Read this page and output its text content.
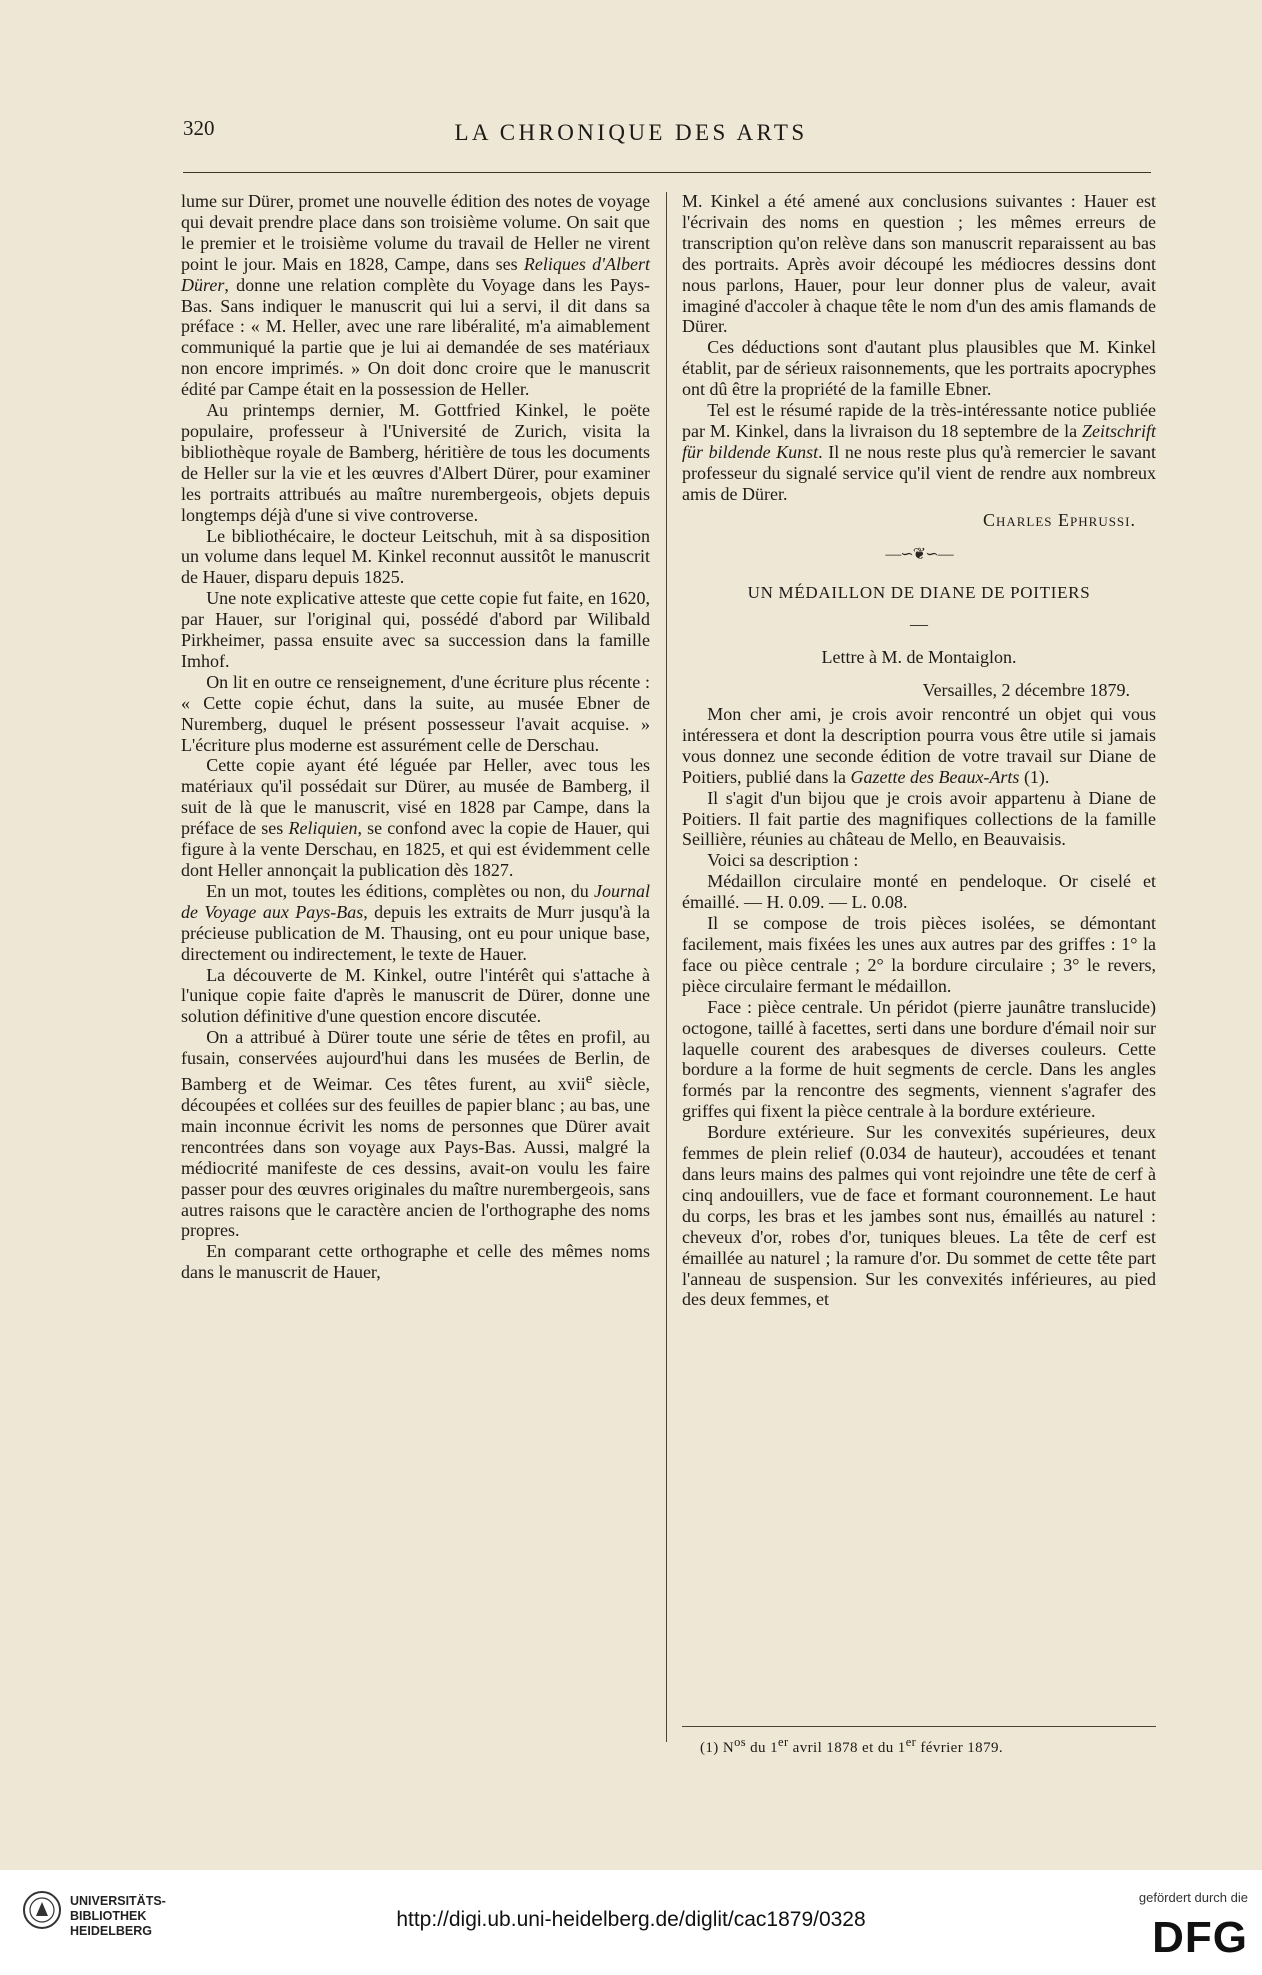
320	LA CHRONIQUE DES ARTS

lume sur Dürer, promet une nouvelle édition des notes de voyage qui devait prendre place dans son troisième volume. On sait que le premier et le troisième volume du travail de Heller ne virent point le jour. Mais en 1828, Campe, dans ses Reliques d'Albert Dürer, donne une relation complète du Voyage dans les Pays-Bas. Sans indiquer le manuscrit qui lui a servi, il dit dans sa préface : « M. Heller, avec une rare libéralité, m'a aimablement communiqué la partie que je lui ai demandée de ses matériaux non encore imprimés. » On doit donc croire que le manuscrit édité par Campe était en la possession de Heller.

Au printemps dernier, M. Gottfried Kinkel, le poëte populaire, professeur à l'Université de Zurich, visita la bibliothèque royale de Bamberg, héritière de tous les documents de Heller sur la vie et les œuvres d'Albert Dürer, pour examiner les portraits attribués au maître nurembergeois, objets depuis longtemps déjà d'une si vive controverse.

Le bibliothécaire, le docteur Leitschuh, mit à sa disposition un volume dans lequel M. Kinkel reconnut aussitôt le manuscrit de Hauer, disparu depuis 1825.

Une note explicative atteste que cette copie fut faite, en 1620, par Hauer, sur l'original qui, possédé d'abord par Wilibald Pirkheimer, passa ensuite avec sa succession dans la famille Imhof.

On lit en outre ce renseignement, d'une écriture plus récente : « Cette copie échut, dans la suite, au musée Ebner de Nuremberg, duquel le présent possesseur l'avait acquise. » L'écriture plus moderne est assurément celle de Derschau.

Cette copie ayant été léguée par Heller, avec tous les matériaux qu'il possédait sur Dürer, au musée de Bamberg, il suit de là que le manuscrit, visé en 1828 par Campe, dans la préface de ses Reliquien, se confond avec la copie de Hauer, qui figure à la vente Derschau, en 1825, et qui est évidemment celle dont Heller annonçait la publication dès 1827.

En un mot, toutes les éditions, complètes ou non, du Journal de Voyage aux Pays-Bas, depuis les extraits de Murr jusqu'à la précieuse publication de M. Thausing, ont eu pour unique base, directement ou indirectement, le texte de Hauer.

La découverte de M. Kinkel, outre l'intérêt qui s'attache à l'unique copie faite d'après le manuscrit de Dürer, donne une solution définitive d'une question encore discutée.

On a attribué à Dürer toute une série de têtes en profil, au fusain, conservées aujourd'hui dans les musées de Berlin, de Bamberg et de Weimar. Ces têtes furent, au xvii$^e$ siècle, découpées et collées sur des feuilles de papier blanc ; au bas, une main inconnue écrivit les noms de personnes que Dürer avait rencontrées dans son voyage aux Pays-Bas. Aussi, malgré la médiocrité manifeste de ces dessins, avait-on voulu les faire passer pour des œuvres originales du maître nurembergeois, sans autres raisons que le caractère ancien de l'orthographe des noms propres.

En comparant cette orthographe et celle des mêmes noms dans le manuscrit de Hauer,

M. Kinkel a été amené aux conclusions suivantes : Hauer est l'écrivain des noms en question ; les mêmes erreurs de transcription qu'on relève dans son manuscrit reparaissent au bas des portraits. Après avoir découpé les médiocres dessins dont nous parlons, Hauer, pour leur donner plus de valeur, avait imaginé d'accoler à chaque tête le nom d'un des amis flamands de Dürer.

Ces déductions sont d'autant plus plausibles que M. Kinkel établit, par de sérieux raisonnements, que les portraits apocryphes ont dû être la propriété de la famille Ebner.

Tel est le résumé rapide de la très-intéressante notice publiée par M. Kinkel, dans la livraison du 18 septembre de la Zeitschrift für bildende Kunst. Il ne nous reste plus qu'à remercier le savant professeur du signalé service qu'il vient de rendre aux nombreux amis de Dürer.

Charles Ephrussi.

—∽❦∽—

UN MÉDAILLON DE DIANE DE POITIERS

—

Lettre à M. de Montaiglon.

Versailles, 2 décembre 1879.

Mon cher ami, je crois avoir rencontré un objet qui vous intéressera et dont la description pourra vous être utile si jamais vous donnez une seconde édition de votre travail sur Diane de Poitiers, publié dans la Gazette des Beaux-Arts (1).

Il s'agit d'un bijou que je crois avoir appartenu à Diane de Poitiers. Il fait partie des magnifiques collections de la famille Seillière, réunies au château de Mello, en Beauvaisis.

Voici sa description :

Médaillon circulaire monté en pendeloque. Or ciselé et émaillé. — H. 0.09. — L. 0.08.

Il se compose de trois pièces isolées, se démontant facilement, mais fixées les unes aux autres par des griffes : 1° la face ou pièce centrale ; 2° la bordure circulaire ; 3° le revers, pièce circulaire fermant le médaillon.

Face : pièce centrale. Un péridot (pierre jaunâtre translucide) octogone, taillé à facettes, serti dans une bordure d'émail noir sur laquelle courent des arabesques de diverses couleurs. Cette bordure a la forme de huit segments de cercle. Dans les angles formés par la rencontre des segments, viennent s'agrafer des griffes qui fixent la pièce centrale à la bordure extérieure.

Bordure extérieure. Sur les convexités supérieures, deux femmes de plein relief (0.034 de hauteur), accoudées et tenant dans leurs mains des palmes qui vont rejoindre une tête de cerf à cinq andouillers, vue de face et formant couronnement. Le haut du corps, les bras et les jambes sont nus, émaillés au naturel : cheveux d'or, robes d'or, tuniques bleues. La tête de cerf est émaillée au naturel ; la ramure d'or. Du sommet de cette tête part l'anneau de suspension. Sur les convexités inférieures, au pied des deux femmes, et

(1) $N^{os}$ du 1er avril 1878 et du 1er février 1879.
UNIVERSITÄTS-
BIBLIOTHEK
HEIDELBERG	http://digi.ub.uni-heidelberg.de/diglit/cac1879/0328
gefördert durch die
DFG
